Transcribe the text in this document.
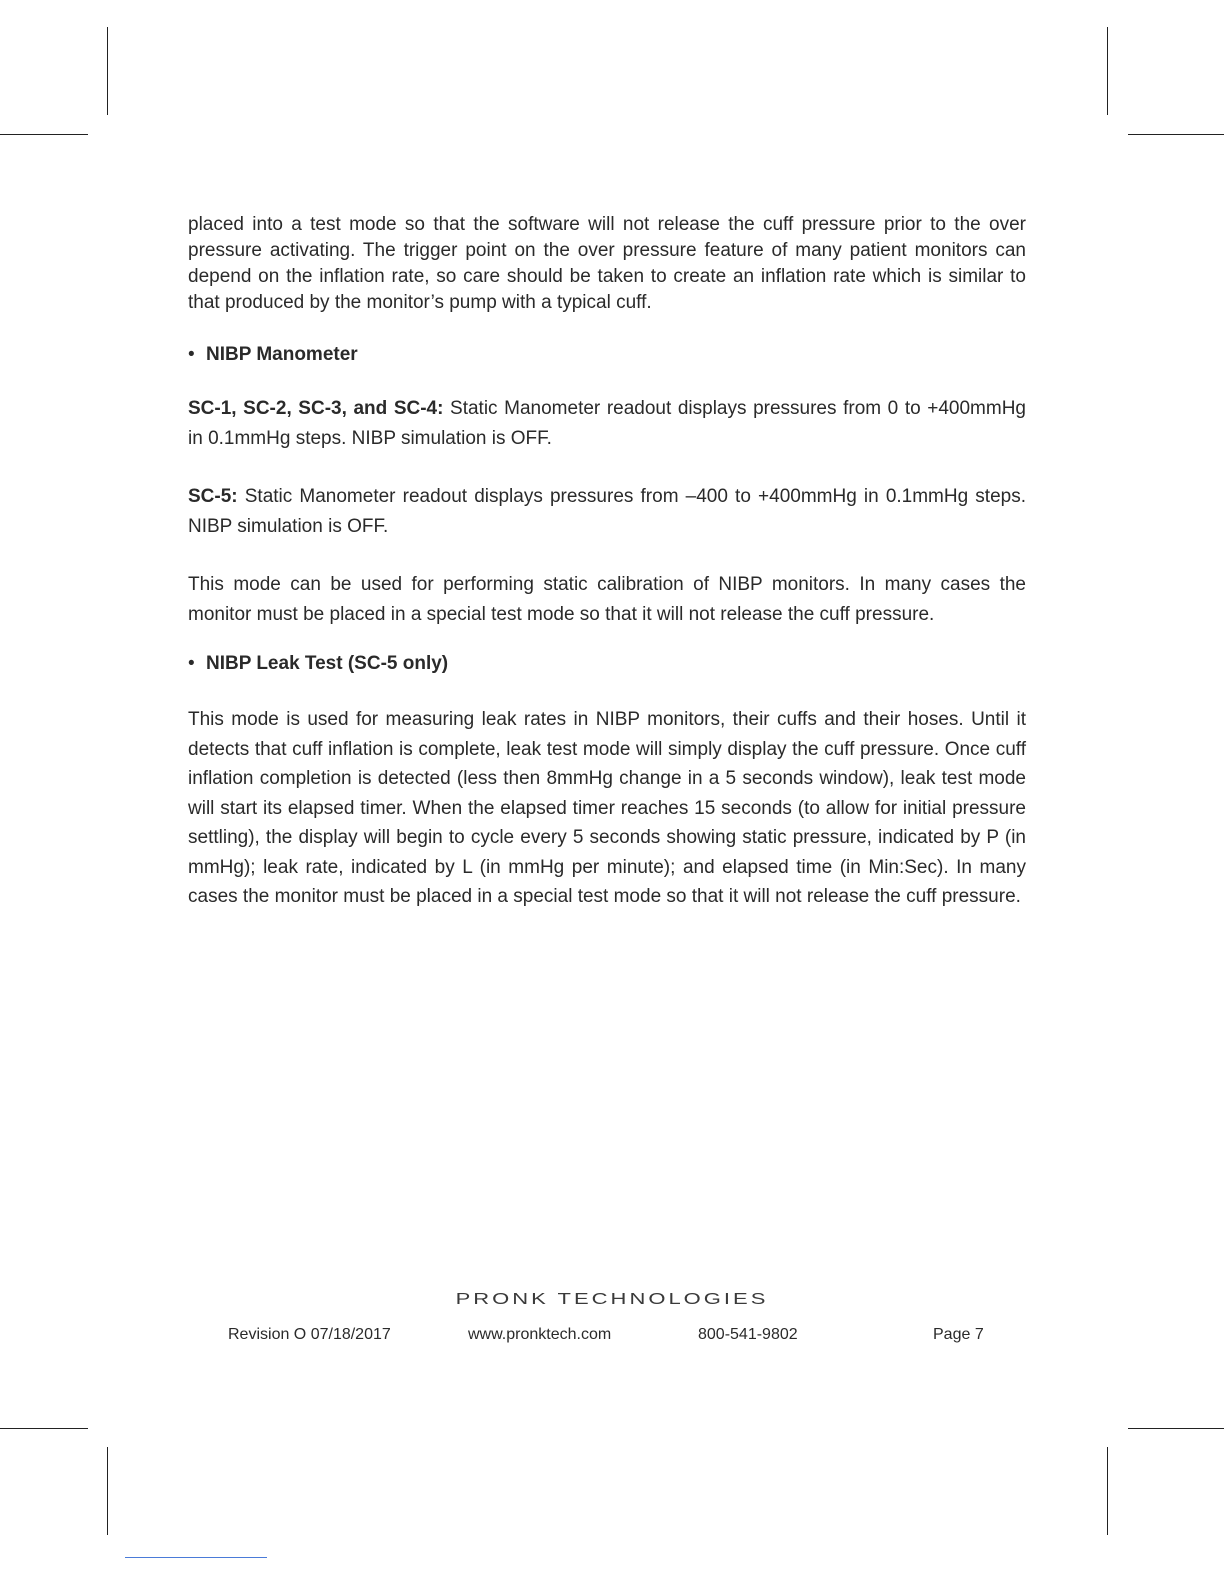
placed into a test mode so that the software will not release the cuff pressure prior to the over pressure activating. The trigger point on the over pressure feature of many patient monitors can depend on the inflation rate, so care should be taken to create an inflation rate which is similar to that produced by the monitor’s pump with a typical cuff.

• NIBP Manometer

SC-1, SC-2, SC-3, and SC-4: Static Manometer readout displays pressures from 0 to +400mmHg in 0.1mmHg steps. NIBP simulation is OFF.

SC-5: Static Manometer readout displays pressures from –400 to +400mmHg in 0.1mmHg steps. NIBP simulation is OFF.

This mode can be used for performing static calibration of NIBP monitors. In many cases the monitor must be placed in a special test mode so that it will not release the cuff pressure.

• NIBP Leak Test (SC-5 only)

This mode is used for measuring leak rates in NIBP monitors, their cuffs and their hoses. Until it detects that cuff inflation is complete, leak test mode will simply display the cuff pressure. Once cuff inflation completion is detected (less then 8mmHg change in a 5 seconds window), leak test mode will start its elapsed timer. When the elapsed timer reaches 15 seconds (to allow for initial pressure settling), the display will begin to cycle every 5 seconds showing static pressure, indicated by P (in mmHg); leak rate, indicated by L (in mmHg per minute); and elapsed time (in Min:Sec). In many cases the monitor must be placed in a special test mode so that it will not release the cuff pressure.

PRONK TECHNOLOGIES
Revision O 07/18/2017	www.pronktech.com	800-541-9802	Page 7
